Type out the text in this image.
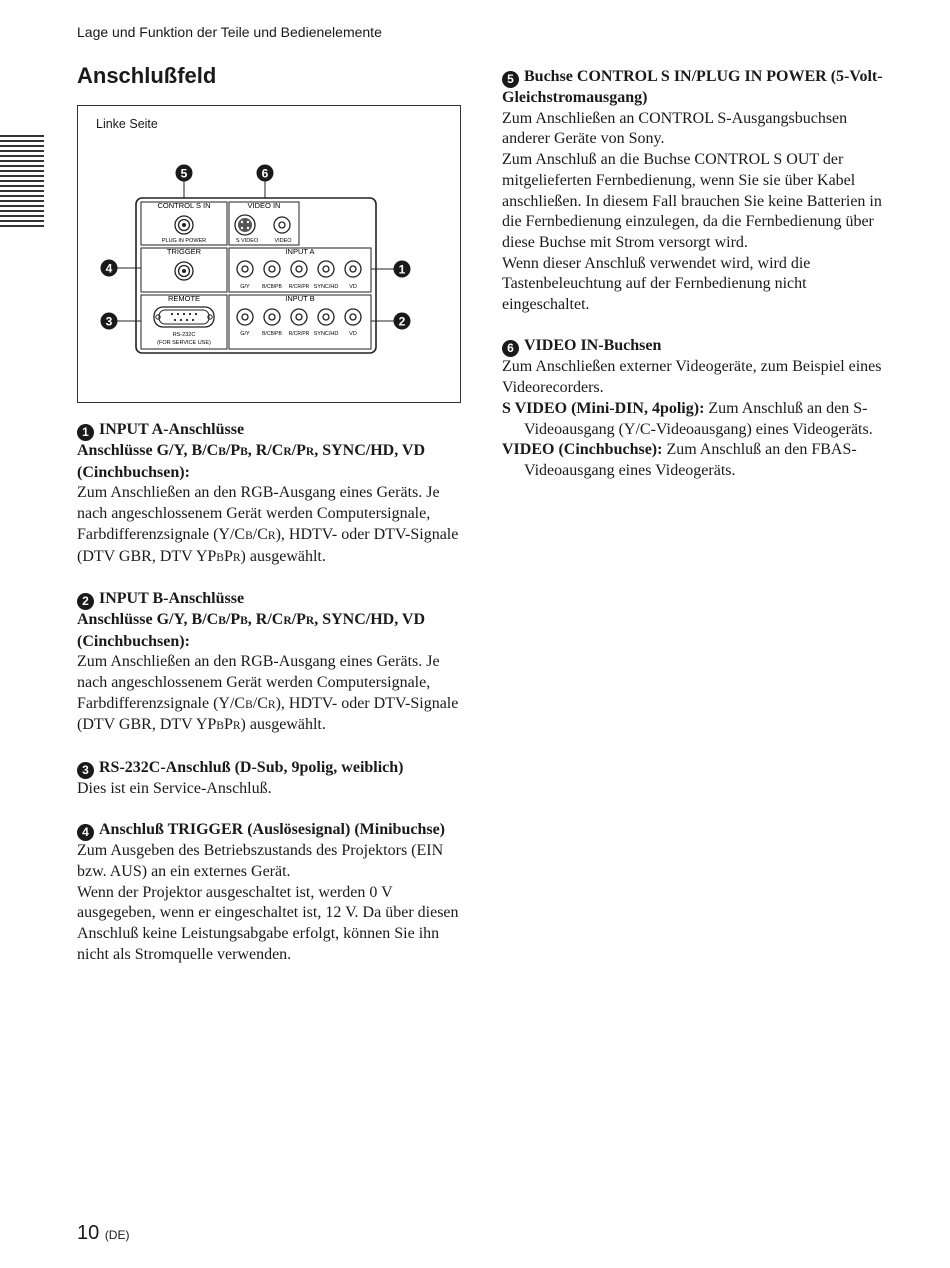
Lage und Funktion der Teile und Bedienelemente
Anschlußfeld
Linke Seite
CONTROL S IN
PLUG IN POWER
VIDEO IN
S VIDEO	VIDEO
TRIGGER	INPUT A
REMOTE	INPUT B
RS-232C
(FOR SERVICE USE)
G/Y B/CB/PB R/CR/PR SYNC/HD VD
G/Y B/CB/PB R/CR/PR SYNC/HD VD
5	6
4
3
1
2

1 INPUT A-Anschlüsse

Anschlüsse G/Y, B/CB/PB, R/CR/PR, SYNC/HD, VD (Cinchbuchsen):

Zum Anschließen an den RGB-Ausgang eines Geräts. Je nach angeschlossenem Gerät werden Computersignale, Farbdifferenzsignale (Y/CB/CR), HDTV- oder DTV-Signale (DTV GBR, DTV YPBPR) ausgewählt.

2 INPUT B-Anschlüsse

Anschlüsse G/Y, B/CB/PB, R/CR/PR, SYNC/HD, VD (Cinchbuchsen):

Zum Anschließen an den RGB-Ausgang eines Geräts. Je nach angeschlossenem Gerät werden Computersignale, Farbdifferenzsignale (Y/CB/CR), HDTV- oder DTV-Signale (DTV GBR, DTV YPBPR) ausgewählt.

3 RS-232C-Anschluß (D-Sub, 9polig, weiblich)

Dies ist ein Service-Anschluß.

4 Anschluß TRIGGER (Auslösesignal) (Minibuchse)

Zum Ausgeben des Betriebszustands des Projektors (EIN bzw. AUS) an ein externes Gerät.

Wenn der Projektor ausgeschaltet ist, werden 0 V ausgegeben, wenn er eingeschaltet ist, 12 V. Da über diesen Anschluß keine Leistungsabgabe erfolgt, können Sie ihn nicht als Stromquelle verwenden.

5 Buchse CONTROL S IN/PLUG IN POWER (5-Volt-Gleichstromausgang)

Zum Anschließen an CONTROL S-Ausgangsbuchsen anderer Geräte von Sony.

Zum Anschluß an die Buchse CONTROL S OUT der mitgelieferten Fernbedienung, wenn Sie sie über Kabel anschließen. In diesem Fall brauchen Sie keine Batterien in die Fernbedienung einzulegen, da die Fernbedienung über diese Buchse mit Strom versorgt wird.

Wenn dieser Anschluß verwendet wird, wird die Tastenbeleuchtung auf der Fernbedienung nicht eingeschaltet.

6 VIDEO IN-Buchsen

Zum Anschließen externer Videogeräte, zum Beispiel eines Videorecorders.

S VIDEO (Mini-DIN, 4polig): Zum Anschluß an den S-Videoausgang (Y/C-Videoausgang) eines Videogeräts.

VIDEO (Cinchbuchse): Zum Anschluß an den FBAS-Videoausgang eines Videogeräts.

10 (DE)
